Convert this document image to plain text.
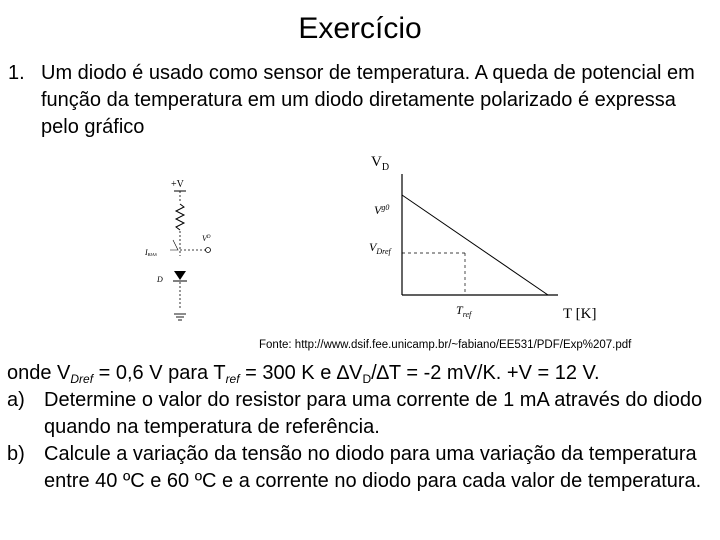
Exercício
1. Um diodo é usado como sensor de temperatura. A queda de potencial em função da temperatura em um diodo diretamente polarizado é expressa pelo gráfico
+V
$V^D$
IBIAS
D
$V_D$
$V^{g0}$
$V_{Dref}$
$T_{ref}$	T [K]
Fonte: http://www.dsif.fee.unicamp.br/~fabiano/EE531/PDF/Exp%207.pdf
onde $V_{Dref} = 0,6$ V para $T_{ref} = 300$ K e $\Delta V_D/\Delta T = -2$ mV/K. +V = 12 V.
a) Determine o valor do resistor para uma corrente de 1 mA através do diodo quando na temperatura de referência.
b) Calcule a variação da tensão no diodo para uma variação da temperatura entre 40 ºC e 60 ºC e a corrente no diodo para cada valor de temperatura.
